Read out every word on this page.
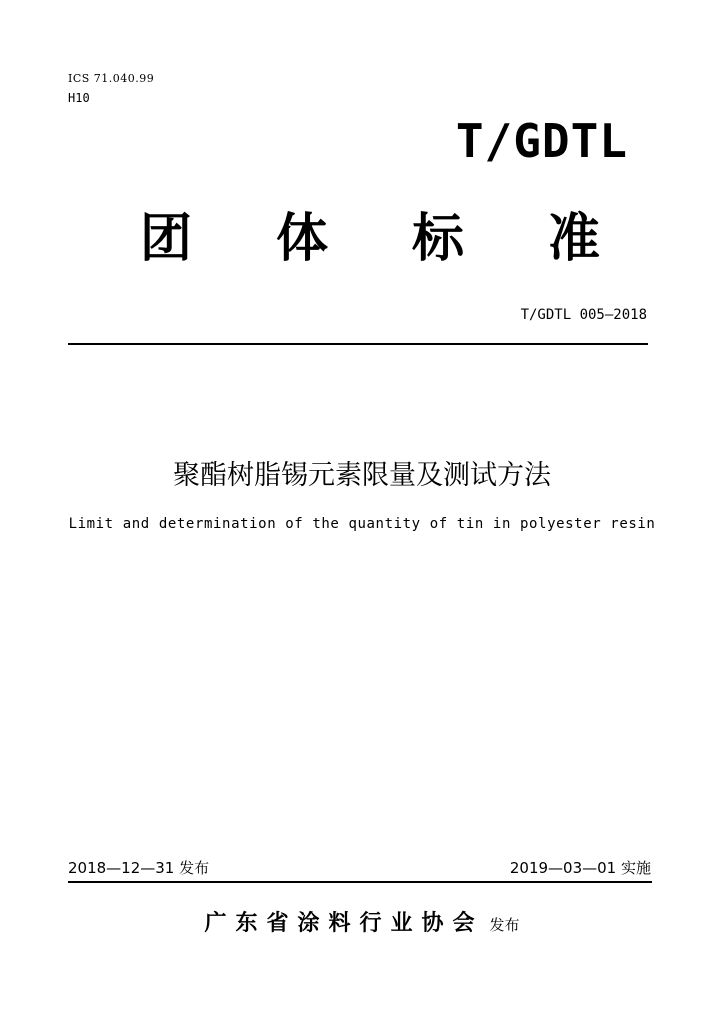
ICS 71.040.99
H10
T/GDTL
团 体 标 准
T/GDTL 005—2018
聚酯树脂锡元素限量及测试方法
Limit and determination of the quantity of tin in polyester resin
2018—12—31 发布	2019—03—01 实施
广东省涂料行业协会 发布
